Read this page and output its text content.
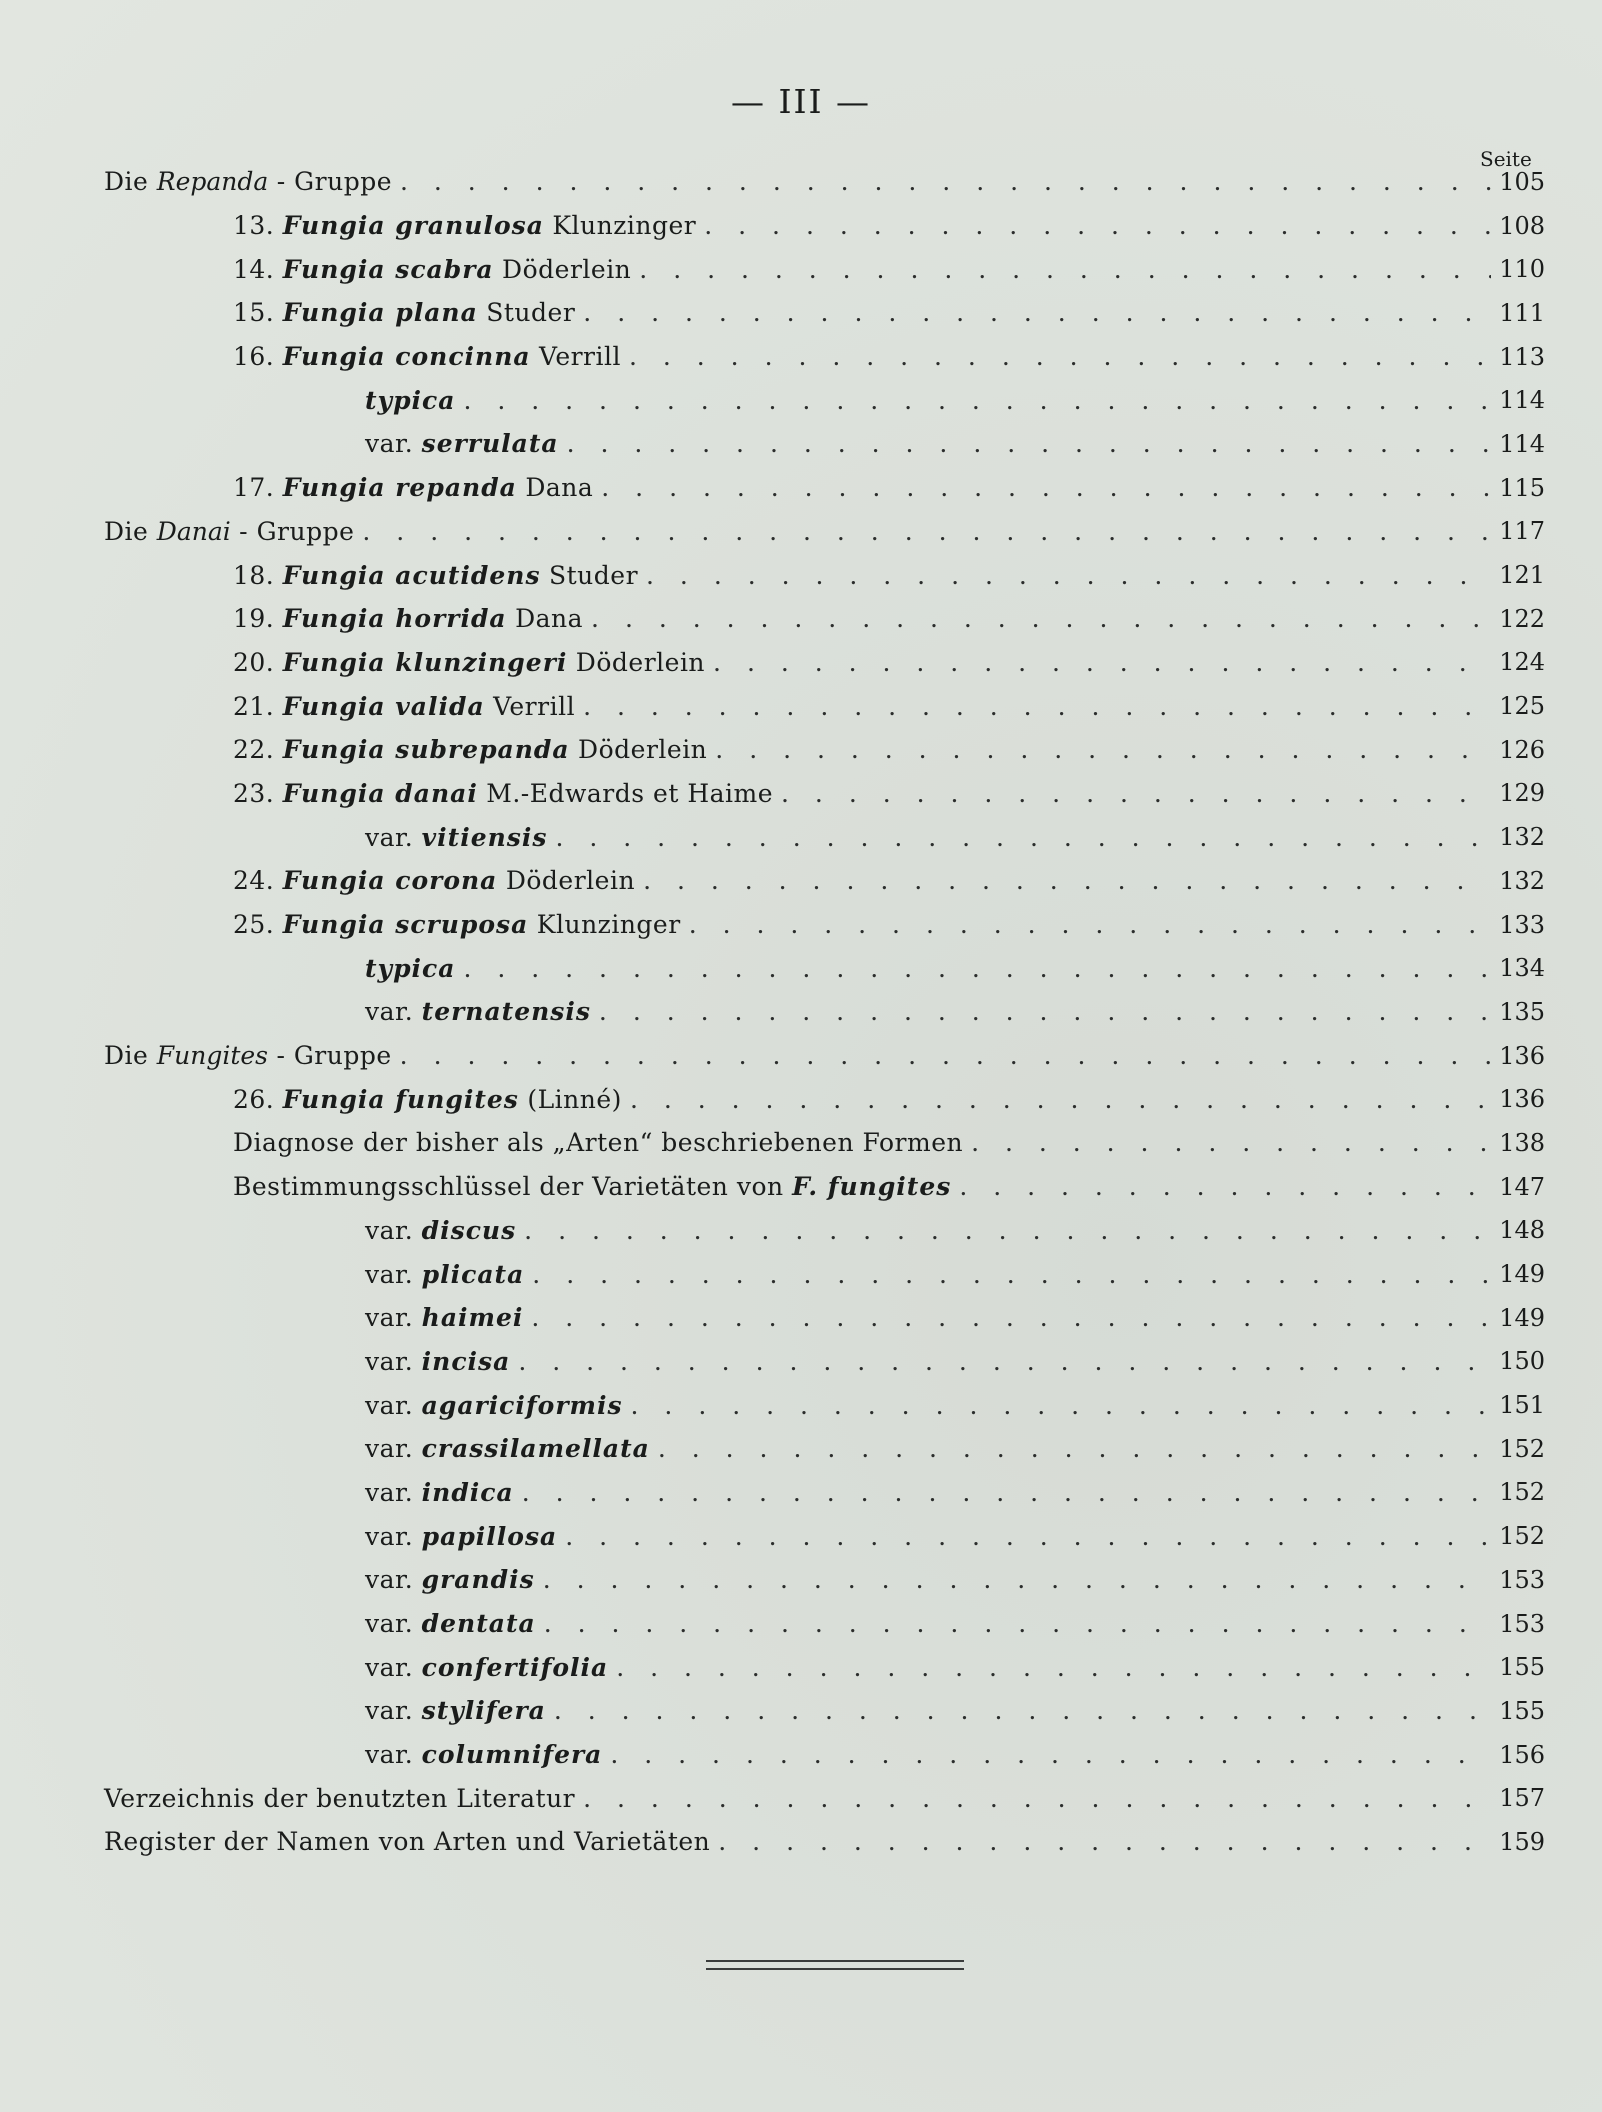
— III —
Seite
Die Repanda - Gruppe . . .	105
13. Fungia granulosa Klunzinger . . .	108
14. Fungia scabra Döderlein . . .	110
15. Fungia plana Studer . . .	111
16. Fungia concinna Verrill . . .	113
typica . . .	114
var. serrulata . . .	114
17. Fungia repanda Dana . . .	115
Die Danai - Gruppe . . .	117
18. Fungia acutidens Studer . . .	121
19. Fungia horrida Dana . . .	122
20. Fungia klunzingeri Döderlein . . .	124
21. Fungia valida Verrill . . .	125
22. Fungia subrepanda Döderlein . . .	126
23. Fungia danai M.-Edwards et Haime . . .	129
var. vitiensis . . .	132
24. Fungia corona Döderlein . . .	132
25. Fungia scruposa Klunzinger . . .	133
typica . . .	134
var. ternatensis . . .	135
Die Fungites - Gruppe . . .	136
26. Fungia fungites (Linné) . . .	136
Diagnose der bisher als „Arten“ beschriebenen Formen . . .	138
Bestimmungsschlüssel der Varietäten von F. fungites . . .	147
var. discus . . .	148
var. plicata . . .	149
var. haimei . . .	149
var. incisa . . .	150
var. agariciformis . . .	151
var. crassilamellata . . .	152
var. indica . . .	152
var. papillosa . . .	152
var. grandis . . .	153
var. dentata . . .	153
var. confertifolia . . .	155
var. stylifera . . .	155
var. columnifera . . .	156
Verzeichnis der benutzten Literatur . . .	157
Register der Namen von Arten und Varietäten . . .	159
